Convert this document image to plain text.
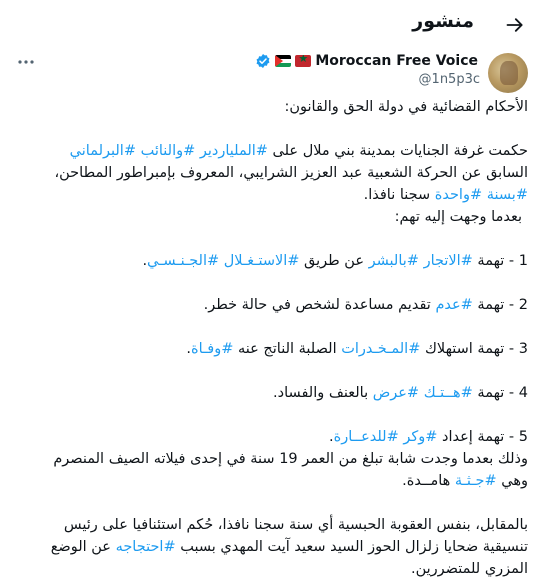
منشور
★
Moroccan Free Voice
@1n5p3c

الأحكام القضائية في دولة الحق والقانون:

حكمت غرفة الجنايات بمدينة بني ملال على #الملياردير #والنائب #البرلماني

السابق عن الحركة الشعبية عبد العزيز الشرايبي، المعروف بإمبراطور المطاحن،

#بسنة #واحدة سجنا نافذا.

بعدما وجهت إليه تهم:

1 - تهمة #الاتجار #بالبشر عن طريق #الاستـغـلال #الجـنـسـي.

2 - تهمة #عدم تقديم مساعدة لشخص في حالة خطر.

3 - تهمة استهلاك #المـخـدرات الصلبة الناتج عنه #وفـاة.

4 - تهمة #هــتـك #عرض بالعنف والفساد.

5 - تهمة إعداد #وكر #للدعــارة.

وذلك بعدما وجدت شابة تبلغ من العمر 19 سنة في إحدى فيلاته الصيف المنصرم

وهي #جـثـة هامــدة.

بالمقابل، بنفس العقوبة الحبسية أي سنة سجنا نافذا، حُكم استئنافيا على رئيس

تنسيقية ضحايا زلزال الحوز السيد سعيد آيت المهدي بسبب #احتجاجه عن الوضع

المزري للمتضررين.
